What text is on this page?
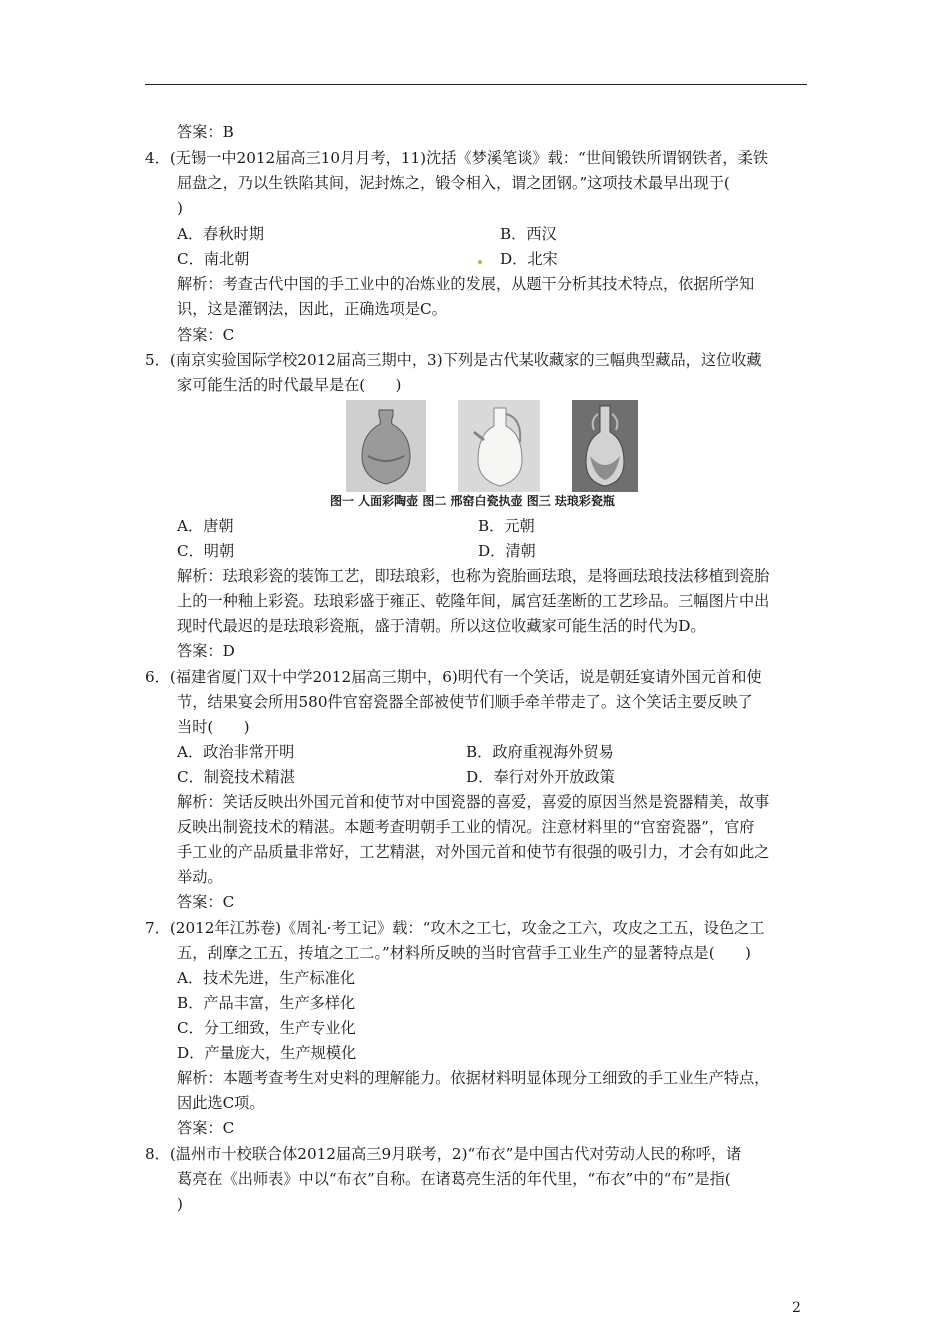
答案：B
4．(无锡一中2012届高三10月月考，11)沈括《梦溪笔谈》载：“世间锻铁所谓钢铁者，柔铁
屈盘之，乃以生铁陷其间，泥封炼之，锻令相入，谓之团钢。”这项技术最早出现于(
)
A．春秋时期	B．西汉
C．南北朝	D．北宋
解析：考查古代中国的手工业中的冶炼业的发展，从题干分析其技术特点，依据所学知
识，这是灌钢法，因此，正确选项是C。
答案：C
5．(南京实验国际学校2012届高三期中，3)下列是古代某收藏家的三幅典型藏品，这位收藏
家可能生活的时代最早是在(　　)
图一 人面彩陶壶 图二 邢窑白瓷执壶 图三 珐琅彩瓷瓶
A．唐朝	B．元朝
C．明朝	D．清朝
解析：珐琅彩瓷的装饰工艺，即珐琅彩，也称为瓷胎画珐琅，是将画珐琅技法移植到瓷胎
上的一种釉上彩瓷。珐琅彩盛于雍正、乾隆年间，属宫廷垄断的工艺珍品。三幅图片中出
现时代最迟的是珐琅彩瓷瓶，盛于清朝。所以这位收藏家可能生活的时代为D。
答案：D
6．(福建省厦门双十中学2012届高三期中，6)明代有一个笑话，说是朝廷宴请外国元首和使
节，结果宴会所用580件官窑瓷器全部被使节们顺手牵羊带走了。这个笑话主要反映了
当时(　　)
A．政治非常开明	B．政府重视海外贸易
C．制瓷技术精湛	D．奉行对外开放政策
解析：笑话反映出外国元首和使节对中国瓷器的喜爱，喜爱的原因当然是瓷器精美，故事
反映出制瓷技术的精湛。本题考查明朝手工业的情况。注意材料里的“官窑瓷器”，官府
手工业的产品质量非常好，工艺精湛，对外国元首和使节有很强的吸引力，才会有如此之
举动。
答案：C
7．(2012年江苏卷)《周礼·考工记》载：“攻木之工七，攻金之工六，攻皮之工五，设色之工
五，刮摩之工五，抟埴之工二。”材料所反映的当时官营手工业生产的显著特点是(　　)
A．技术先进，生产标准化
B．产品丰富，生产多样化
C．分工细致，生产专业化
D．产量庞大，生产规模化
解析：本题考查考生对史料的理解能力。依据材料明显体现分工细致的手工业生产特点，
因此选C项。
答案：C
8．(温州市十校联合体2012届高三9月联考，2)“布衣”是中国古代对劳动人民的称呼，诸
葛亮在《出师表》中以“布衣”自称。在诸葛亮生活的年代里，“布衣”中的“布”是指(
)
2
